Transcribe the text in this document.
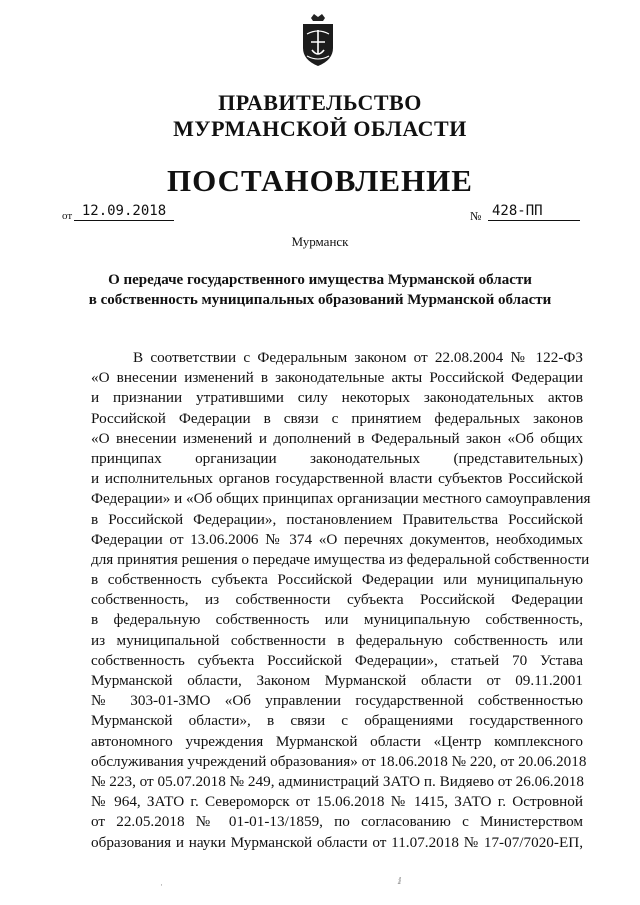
ПРАВИТЕЛЬСТВО
МУРМАНСКОЙ ОБЛАСТИ
ПОСТАНОВЛЕНИЕ
от 12.09.2018	№ 428-ПП
Мурманск
О передаче государственного имущества Мурманской области
в собственность муниципальных образований Мурманской области
В соответствии с Федеральным законом от 22.08.2004 № 122-ФЗ
«О внесении изменений в законодательные акты Российской Федерации
и признании утратившими силу некоторых законодательных актов
Российской Федерации в связи с принятием федеральных законов
«О внесении изменений и дополнений в Федеральный закон «Об общих
принципах организации законодательных (представительных)
и исполнительных органов государственной власти субъектов Российской
Федерации» и «Об общих принципах организации местного самоуправления
в Российской Федерации», постановлением Правительства Российской
Федерации от 13.06.2006 № 374 «О перечнях документов, необходимых
для принятия решения о передаче имущества из федеральной собственности
в собственность субъекта Российской Федерации или муниципальную
собственность, из собственности субъекта Российской Федерации
в федеральную собственность или муниципальную собственность,
из муниципальной собственности в федеральную собственность или
собственность субъекта Российской Федерации», статьей 70 Устава
Мурманской области, Законом Мурманской области от 09.11.2001
№ 303-01-ЗМО «Об управлении государственной собственностью
Мурманской области», в связи с обращениями государственного
автономного учреждения Мурманской области «Центр комплексного
обслуживания учреждений образования» от 18.06.2018 № 220, от 20.06.2018
№ 223, от 05.07.2018 № 249, администраций ЗАТО п. Видяево от 26.06.2018
№ 964, ЗАТО г. Североморск от 15.06.2018 № 1415, ЗАТО г. Островной
от 22.05.2018 № 01-01-13/1859, по согласованию с Министерством
образования и науки Мурманской области от 11.07.2018 № 17-07/7020-ЕП,
·	ⅈ
